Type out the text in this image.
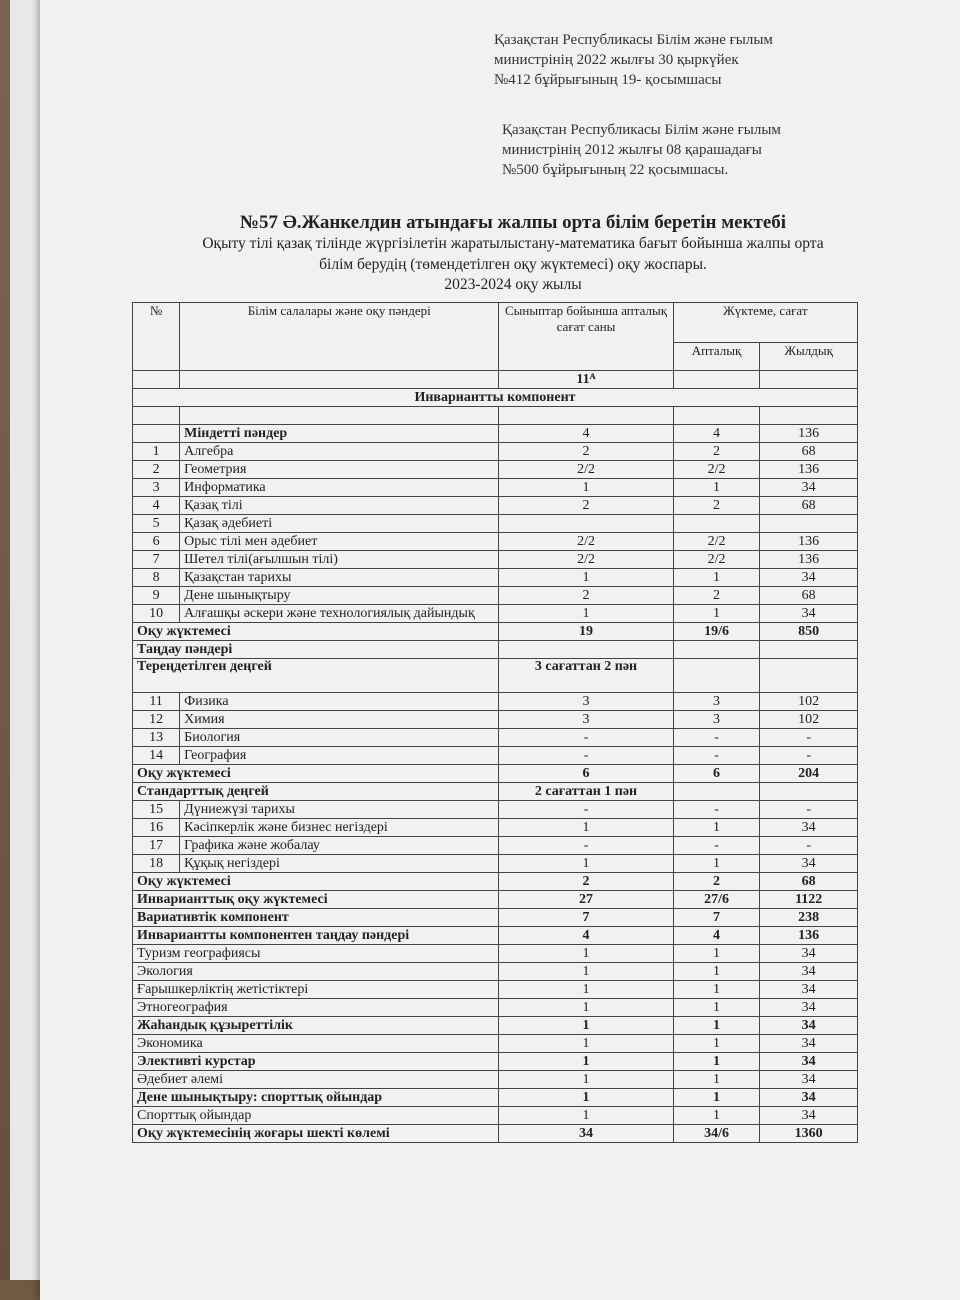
Қазақстан Республикасы Білім және ғылым
министрінің 2022 жылғы 30 қыркүйек
№412 бұйрығының 19- қосымшасы
Қазақстан Республикасы Білім және ғылым
министрінің 2012 жылғы 08 қарашадағы
№500 бұйрығының 22 қосымшасы.
№57 Ә.Жанкелдин атындағы жалпы орта білім беретін мектебі
Оқыту тілі қазақ тілінде жүргізілетін жаратылыстану-математика бағыт бойынша жалпы орта
білім берудің (төмендетілген оқу жүктемесі) оқу жоспары.
2023-2024 оқу жылы
№	Білім салалары және оқу пәндері	Сыныптар бойынша апталық сағат саны	Жүктеме, сағат	
			Апталық	Жылдық
		11ᴬ		
Инвариантты компонент				

	Міндетті пәндер	4	4	136
1	Алгебра	2	2	68
2	Геометрия	2/2	2/2	136
3	Информатика	1	1	34
4	Қазақ тілі	2	2	68
5	Қазақ әдебиеті			
6	Орыс тілі мен әдебиет	2/2	2/2	136
7	Шетел тілі(ағылшын тілі)	2/2	2/2	136
8	Қазақстан тарихы	1	1	34
9	Дене шынықтыру	2	2	68
10	Алғашқы әскери және технологиялық дайындық	1	1	34
Оқу жүктемесі		19	19/6	850
Таңдау пәндері				
Тереңдетілген деңгей		3 сағаттан 2 пән		
11	Физика	3	3	102
12	Химия	3	3	102
13	Биология	-	-	-
14	География	-	-	-
Оқу жүктемесі		6	6	204
Стандарттық деңгей		2 сағаттан 1 пән		
15	Дүниежүзі тарихы	-	-	-
16	Кәсіпкерлік және бизнес негіздері	1	1	34
17	Графика және жобалау	-	-	-
18	Құқық негіздері	1	1	34
Оқу жүктемесі		2	2	68
Инварианттық оқу жүктемесі		27	27/6	1122
Вариативтік компонент		7	7	238
Инвариантты компонентен таңдау пәндері		4	4	136
Туризм географиясы		1	1	34
Экология		1	1	34
Ғарышкерліктің жетістіктері		1	1	34
Этногеография		1	1	34
Жаһандық құзыреттілік		1	1	34
Экономика		1	1	34
Элективті курстар		1	1	34
Әдебиет әлемі		1	1	34
Дене шынықтыру: спорттық ойындар		1	1	34
Спорттық ойындар		1	1	34
Оқу жүктемесінің жоғары шекті көлемі		34	34/6	1360
